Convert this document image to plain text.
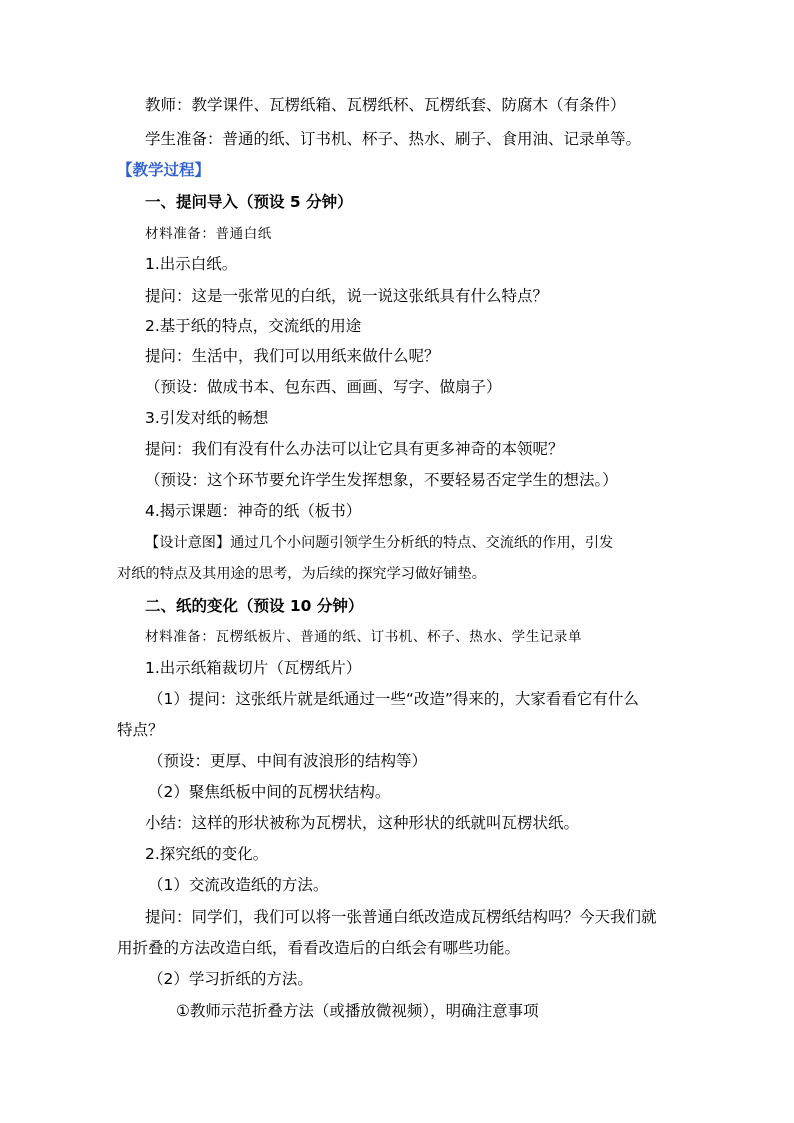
教师：教学课件、瓦楞纸箱、瓦楞纸杯、瓦楞纸套、防腐木（有条件）
学生准备：普通的纸、订书机、杯子、热水、刷子、食用油、记录单等。
【教学过程】
一、提问导入（预设 5 分钟）
材料准备：普通白纸
1.出示白纸。
提问：这是一张常见的白纸，说一说这张纸具有什么特点？
2.基于纸的特点，交流纸的用途
提问：生活中，我们可以用纸来做什么呢？
（预设：做成书本、包东西、画画、写字、做扇子）
3.引发对纸的畅想
提问：我们有没有什么办法可以让它具有更多神奇的本领呢？
（预设：这个环节要允许学生发挥想象，不要轻易否定学生的想法。）
4.揭示课题：神奇的纸（板书）
【设计意图】通过几个小问题引领学生分析纸的特点、交流纸的作用，引发
对纸的特点及其用途的思考，为后续的探究学习做好铺垫。
二、纸的变化（预设 10 分钟）
材料准备：瓦楞纸板片、普通的纸、订书机、杯子、热水、学生记录单
1.出示纸箱裁切片（瓦楞纸片）
（1）提问：这张纸片就是纸通过一些“改造”得来的，大家看看它有什么
特点？
（预设：更厚、中间有波浪形的结构等）
（2）聚焦纸板中间的瓦楞状结构。
小结：这样的形状被称为瓦楞状，这种形状的纸就叫瓦楞状纸。
2.探究纸的变化。
（1）交流改造纸的方法。
提问：同学们，我们可以将一张普通白纸改造成瓦楞纸结构吗？今天我们就
用折叠的方法改造白纸，看看改造后的白纸会有哪些功能。
（2）学习折纸的方法。
①教师示范折叠方法（或播放微视频），明确注意事项
